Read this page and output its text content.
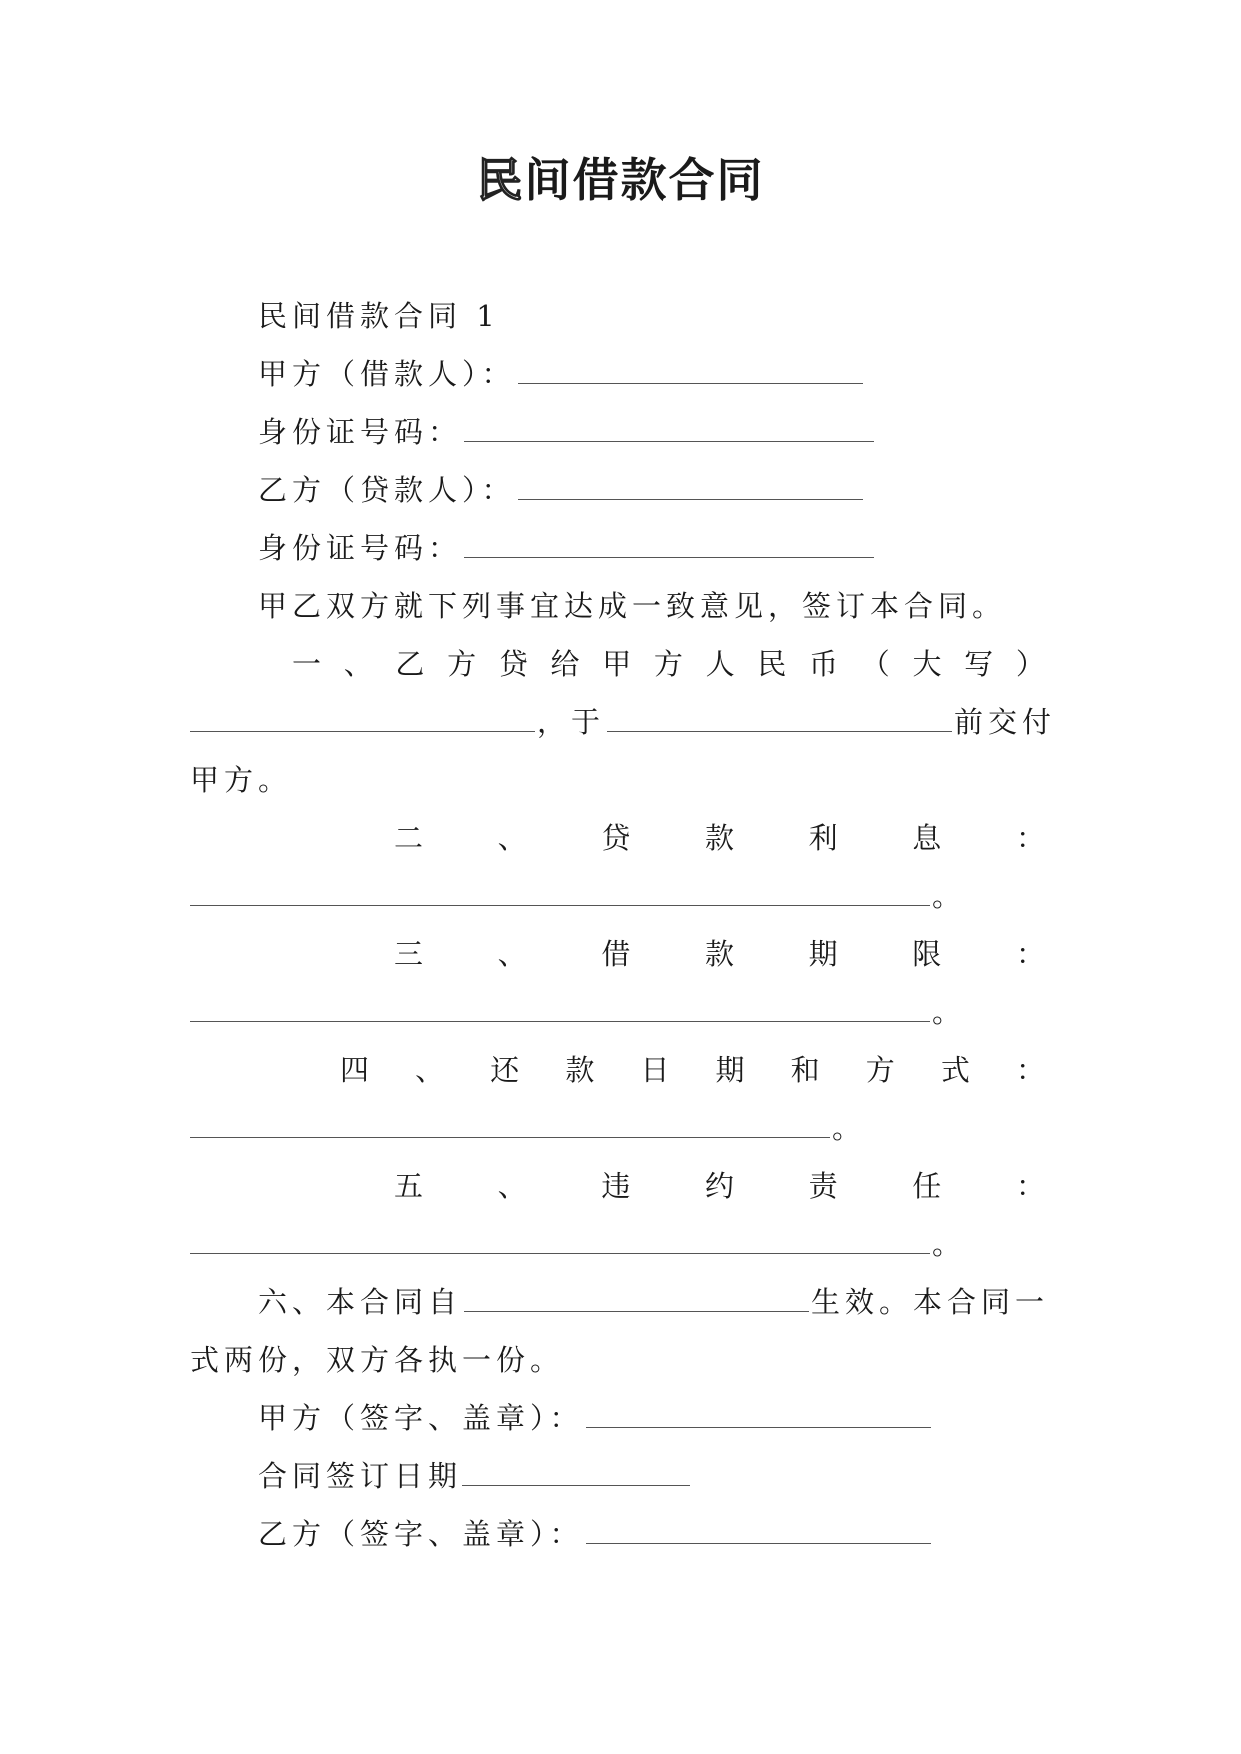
民间借款合同
民间借款合同 1
甲方（借款人）：
身份证号码：
乙方（贷款人）：
身份证号码：
甲乙双方就下列事宜达成一致意见，签订本合同。
一 、 乙 方 贷 给 甲 方 人 民 币 （ 大 写 ）
，于	前交付
甲方。
二	、	贷	款	利	息	：
。
三	、	借	款	期	限	：
。
四 、 还 款 日 期 和 方 式 ：
。
五	、	违	约	责	任	：
。
六、本合同自	生效。本合同一
式两份，双方各执一份。
甲方（签字、盖章）：
合同签订日期
乙方（签字、盖章）：
